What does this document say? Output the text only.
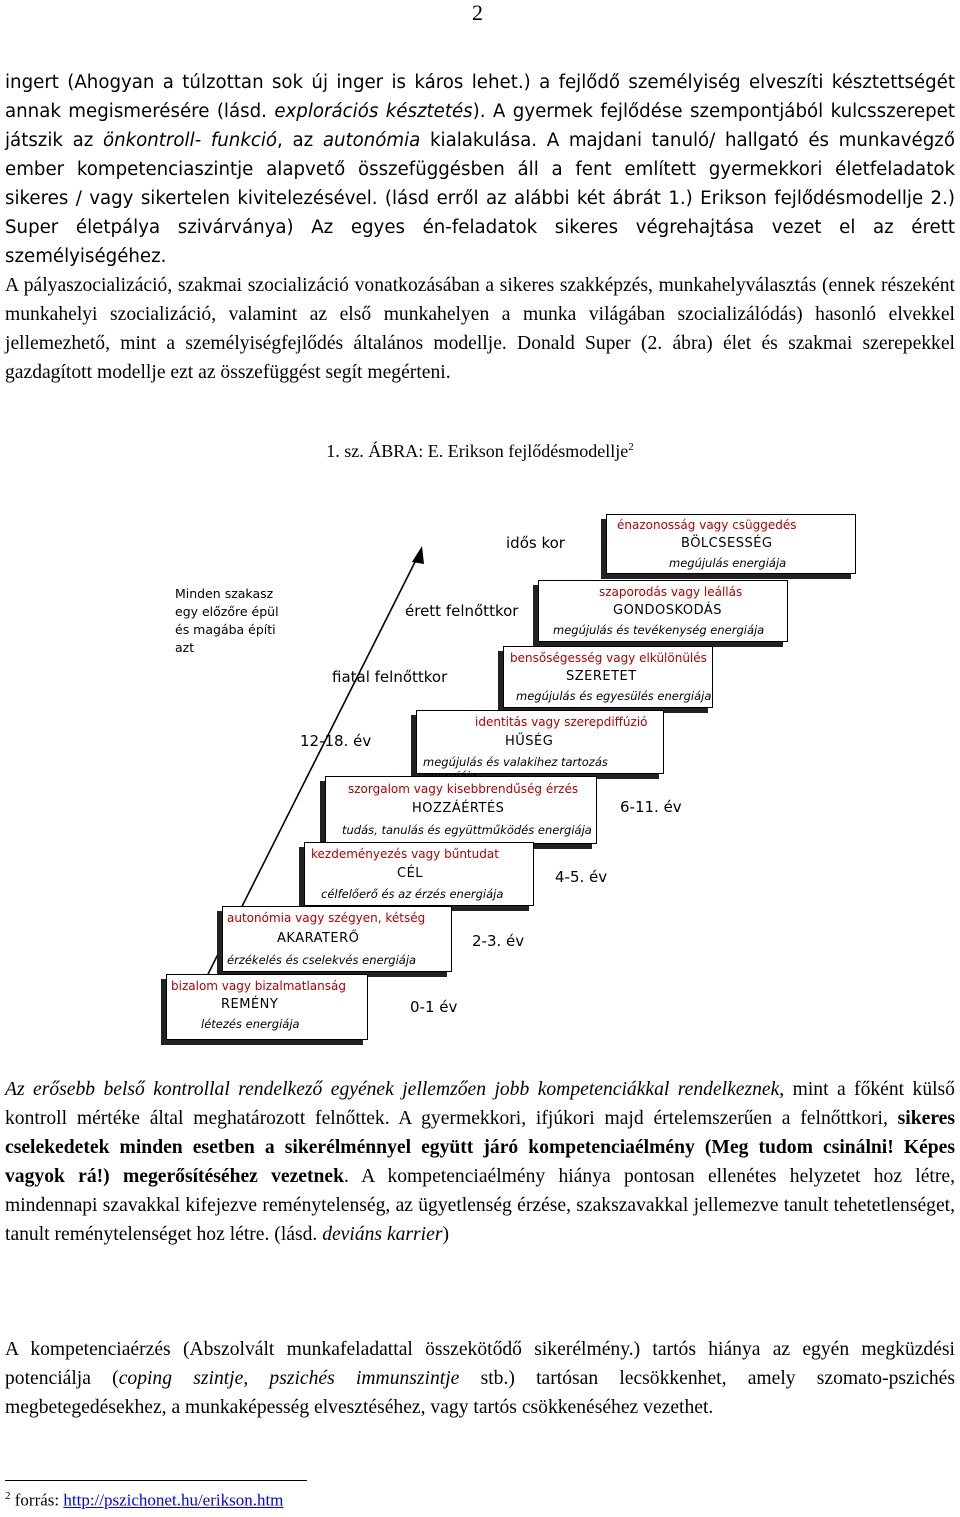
2

ingert (Ahogyan a túlzottan sok új inger is káros lehet.) a fejlődő személyiség elveszíti késztettségét annak megismerésére (lásd. explorációs késztetés). A gyermek fejlődése szempontjából kulcsszerepet játszik az önkontroll- funkció, az autonómia kialakulása. A majdani tanuló/ hallgató és munkavégző ember kompetenciaszintje alapvető összefüggésben áll a fent említett gyermekkori életfeladatok sikeres / vagy sikertelen kivitelezésével. (lásd erről az alábbi két ábrát 1.) Erikson fejlődésmodellje 2.) Super életpálya szivárványa) Az egyes én-feladatok sikeres végrehajtása vezet el az érett személyiségéhez.

A pályaszocializáció, szakmai szocializáció vonatkozásában a sikeres szakképzés, munkahelyválasztás (ennek részeként munkahelyi szocializáció, valamint az első munkahelyen a munka világában szocializálódás) hasonló elvekkel jellemezhető, mint a személyiségfejlődés általános modellje. Donald Super (2. ábra) élet és szakmai szerepekkel gazdagított modellje ezt az összefüggést segít megérteni.

1. sz. ÁBRA: E. Erikson fejlődésmodellje$^2$
Minden szakasz
egy előzőre épül
és magába építi
azt
idős kor
érett felnőttkor
fiatal felnőttkor
12-18. év
6-11. év
4-5. év
2-3. év
0-1 év
énazonosság vagy csüggedés
BÖLCSESSÉG
megújulás energiája
szaporodás vagy leállás
GONDOSKODÁS
megújulás és tevékenység energiája
bensőségesség vagy elkülönülés
SZERETET
megújulás és egyesülés energiája
identitás vagy szerepdiffúzió
HŰSÉG
megújulás és valakihez tartozás
szorgalom vagy kisebbrendűség érzés
HOZZÁÉRTÉS
tudás, tanulás és együttműködés energiája
kezdeményezés vagy bűntudat
CÉL
célfelőerő és az érzés energiája
autonómia vagy szégyen, kétség
AKARATERŐ
érzékelés és cselekvés energiája
bizalom vagy bizalmatlanság
REMÉNY
létezés energiája

Az erősebb belső kontrollal rendelkező egyének jellemzően jobb kompetenciákkal rendelkeznek, mint a főként külső kontroll mértéke által meghatározott felnőttek. A gyermekkori, ifjúkori majd értelemszerűen a felnőttkori, sikeres cselekedetek minden esetben a sikerélménnyel együtt járó kompetenciaélmény (Meg tudom csinálni! Képes vagyok rá!) megerősítéséhez vezetnek. A kompetenciaélmény hiánya pontosan ellenétes helyzetet hoz létre, mindennapi szavakkal kifejezve reménytelenség, az ügyetlenség érzése, szakszavakkal jellemezve tanult tehetetlenséget, tanult reménytelenséget hoz létre. (lásd. deviáns karrier)

A kompetenciaérzés (Abszolvált munkafeladattal összekötődő sikerélmény.) tartós hiánya az egyén megküzdési potenciálja (coping szintje, pszichés immunszintje stb.) tartósan lecsökkenhet, amely szomato-pszichés megbetegedésekhez, a munkaképesség elvesztéséhez, vagy tartós csökkenéséhez vezethet.

$^2$ forrás: http://pszichonet.hu/erikson.htm
